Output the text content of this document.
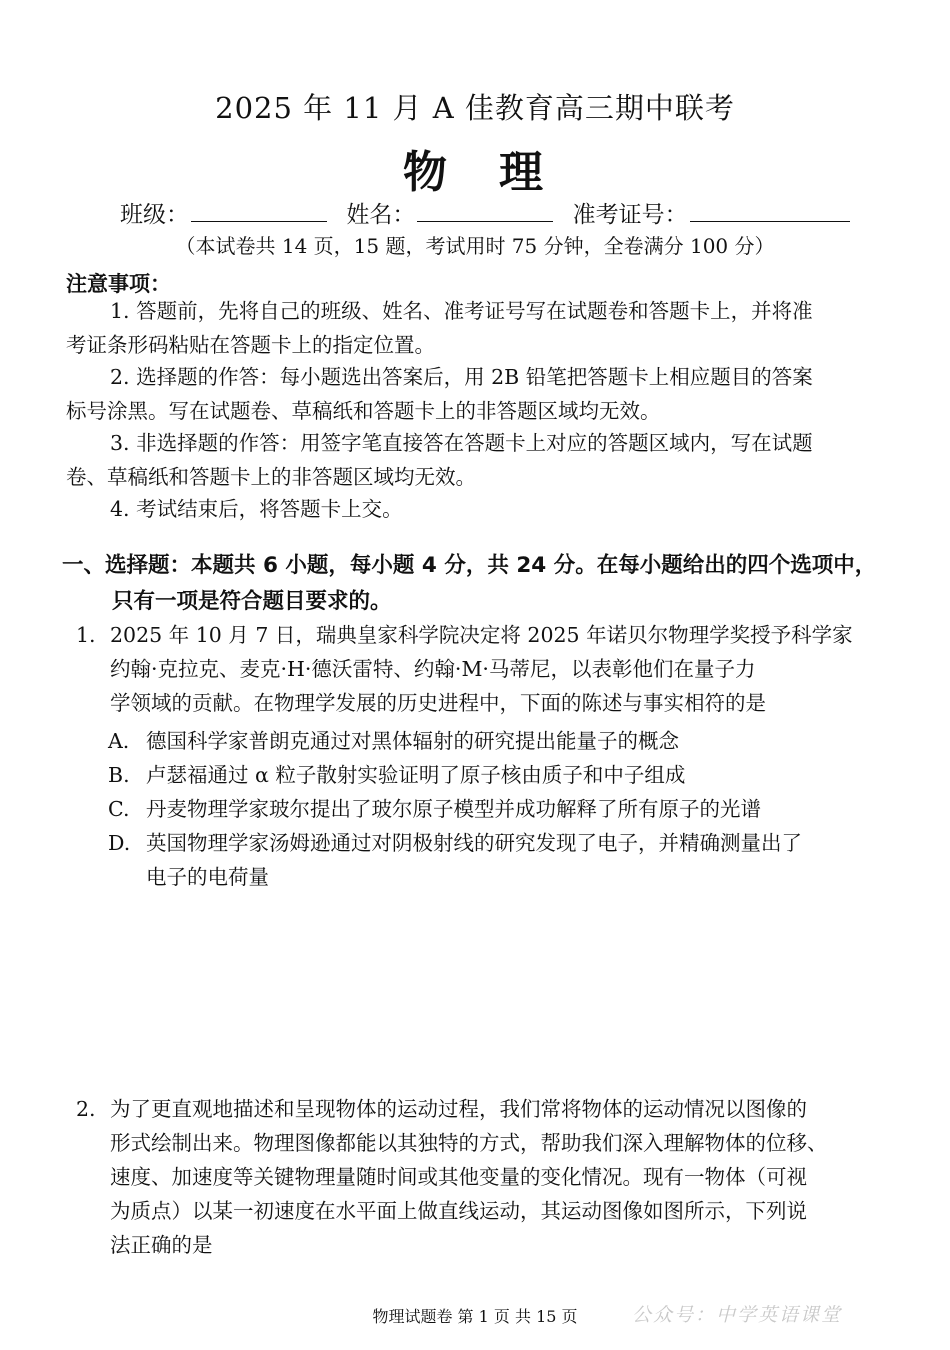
2025 年 11 月 A 佳教育高三期中联考
物　理
班级：	姓名：	准考证号：
（本试卷共 14 页，15 题，考试用时 75 分钟，全卷满分 100 分）
注意事项：
1. 答题前，先将自己的班级、姓名、准考证号写在试题卷和答题卡上，并将准
考证条形码粘贴在答题卡上的指定位置。
2. 选择题的作答：每小题选出答案后，用 2B 铅笔把答题卡上相应题目的答案
标号涂黑。写在试题卷、草稿纸和答题卡上的非答题区域均无效。
3. 非选择题的作答：用签字笔直接答在答题卡上对应的答题区域内，写在试题
卷、草稿纸和答题卡上的非答题区域均无效。
4. 考试结束后，将答题卡上交。
一、选择题：本题共 6 小题，每小题 4 分，共 24 分。在每小题给出的四个选项中，
只有一项是符合题目要求的。
1. 2025 年 10 月 7 日，瑞典皇家科学院决定将 2025 年诺贝尔物理学奖授予科学家
约翰·克拉克、麦克·H·德沃雷特、约翰·M·马蒂尼，以表彰他们在量子力
学领域的贡献。在物理学发展的历史进程中，下面的陈述与事实相符的是
A. 德国科学家普朗克通过对黑体辐射的研究提出能量子的概念
B. 卢瑟福通过 α 粒子散射实验证明了原子核由质子和中子组成
C. 丹麦物理学家玻尔提出了玻尔原子模型并成功解释了所有原子的光谱
D. 英国物理学家汤姆逊通过对阴极射线的研究发现了电子，并精确测量出了
电子的电荷量
2. 为了更直观地描述和呈现物体的运动过程，我们常将物体的运动情况以图像的
形式绘制出来。物理图像都能以其独特的方式，帮助我们深入理解物体的位移、
速度、加速度等关键物理量随时间或其他变量的变化情况。现有一物体（可视
为质点）以某一初速度在水平面上做直线运动，其运动图像如图所示，下列说
法正确的是
物理试题卷 第 1 页 共 15 页	公众号：中学英语课堂
